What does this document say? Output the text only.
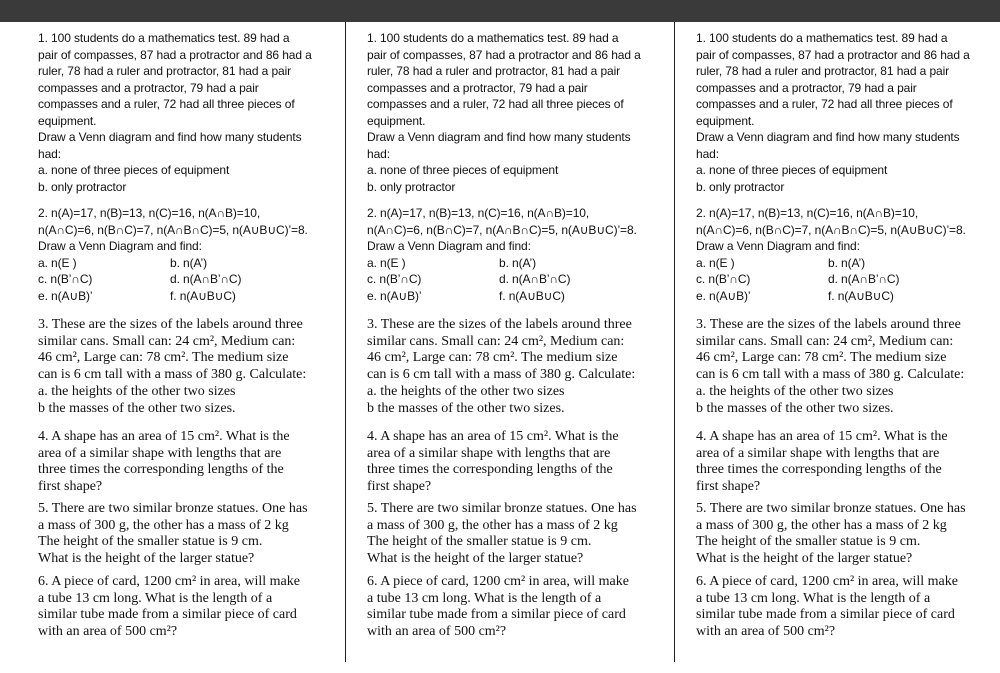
1. 100 students do a mathematics test. 89 had a

pair of compasses, 87 had a protractor and 86 had a

ruler, 78 had a ruler and protractor, 81 had a pair

compasses and a protractor, 79 had a pair

compasses and a ruler, 72 had all three pieces of

equipment.

Draw a Venn diagram and find how many students

had:

a. none of three pieces of equipment

b. only protractor

2. n(A)=17, n(B)=13, n(C)=16, n(A∩B)=10,

n(A∩C)=6, n(B∩C)=7, n(A∩B∩C)=5, n(A∪B∪C)’=8.

Draw a Venn Diagram and find:

a. n(E )	b. n(A’)
c. n(B’∩C)	d. n(A∩B’∩C)
e. n(A∪B)’	f. n(A∪B∪C)

3. These are the sizes of the labels around three

similar cans. Small can: 24 cm², Medium can:

46 cm², Large can: 78 cm². The medium size

can is 6 cm tall with a mass of 380 g. Calculate:

a. the heights of the other two sizes

b the masses of the other two sizes.

4. A shape has an area of 15 cm². What is the

area of a similar shape with lengths that are

three times the corresponding lengths of the

first shape?

5. There are two similar bronze statues. One has

a mass of 300 g, the other has a mass of 2 kg

The height of the smaller statue is 9 cm.

What is the height of the larger statue?

6. A piece of card, 1200 cm² in area, will make

a tube 13 cm long. What is the length of a

similar tube made from a similar piece of card

with an area of 500 cm²?

1. 100 students do a mathematics test. 89 had a

pair of compasses, 87 had a protractor and 86 had a

ruler, 78 had a ruler and protractor, 81 had a pair

compasses and a protractor, 79 had a pair

compasses and a ruler, 72 had all three pieces of

equipment.

Draw a Venn diagram and find how many students

had:

a. none of three pieces of equipment

b. only protractor

2. n(A)=17, n(B)=13, n(C)=16, n(A∩B)=10,

n(A∩C)=6, n(B∩C)=7, n(A∩B∩C)=5, n(A∪B∪C)’=8.

Draw a Venn Diagram and find:

a. n(E )	b. n(A’)
c. n(B’∩C)	d. n(A∩B’∩C)
e. n(A∪B)’	f. n(A∪B∪C)

3. These are the sizes of the labels around three

similar cans. Small can: 24 cm², Medium can:

46 cm², Large can: 78 cm². The medium size

can is 6 cm tall with a mass of 380 g. Calculate:

a. the heights of the other two sizes

b the masses of the other two sizes.

4. A shape has an area of 15 cm². What is the

area of a similar shape with lengths that are

three times the corresponding lengths of the

first shape?

5. There are two similar bronze statues. One has

a mass of 300 g, the other has a mass of 2 kg

The height of the smaller statue is 9 cm.

What is the height of the larger statue?

6. A piece of card, 1200 cm² in area, will make

a tube 13 cm long. What is the length of a

similar tube made from a similar piece of card

with an area of 500 cm²?

1. 100 students do a mathematics test. 89 had a

pair of compasses, 87 had a protractor and 86 had a

ruler, 78 had a ruler and protractor, 81 had a pair

compasses and a protractor, 79 had a pair

compasses and a ruler, 72 had all three pieces of

equipment.

Draw a Venn diagram and find how many students

had:

a. none of three pieces of equipment

b. only protractor

2. n(A)=17, n(B)=13, n(C)=16, n(A∩B)=10,

n(A∩C)=6, n(B∩C)=7, n(A∩B∩C)=5, n(A∪B∪C)’=8.

Draw a Venn Diagram and find:

a. n(E )	b. n(A’)
c. n(B’∩C)	d. n(A∩B’∩C)
e. n(A∪B)’	f. n(A∪B∪C)

3. These are the sizes of the labels around three

similar cans. Small can: 24 cm², Medium can:

46 cm², Large can: 78 cm². The medium size

can is 6 cm tall with a mass of 380 g. Calculate:

a. the heights of the other two sizes

b the masses of the other two sizes.

4. A shape has an area of 15 cm². What is the

area of a similar shape with lengths that are

three times the corresponding lengths of the

first shape?

5. There are two similar bronze statues. One has

a mass of 300 g, the other has a mass of 2 kg

The height of the smaller statue is 9 cm.

What is the height of the larger statue?

6. A piece of card, 1200 cm² in area, will make

a tube 13 cm long. What is the length of a

similar tube made from a similar piece of card

with an area of 500 cm²?
